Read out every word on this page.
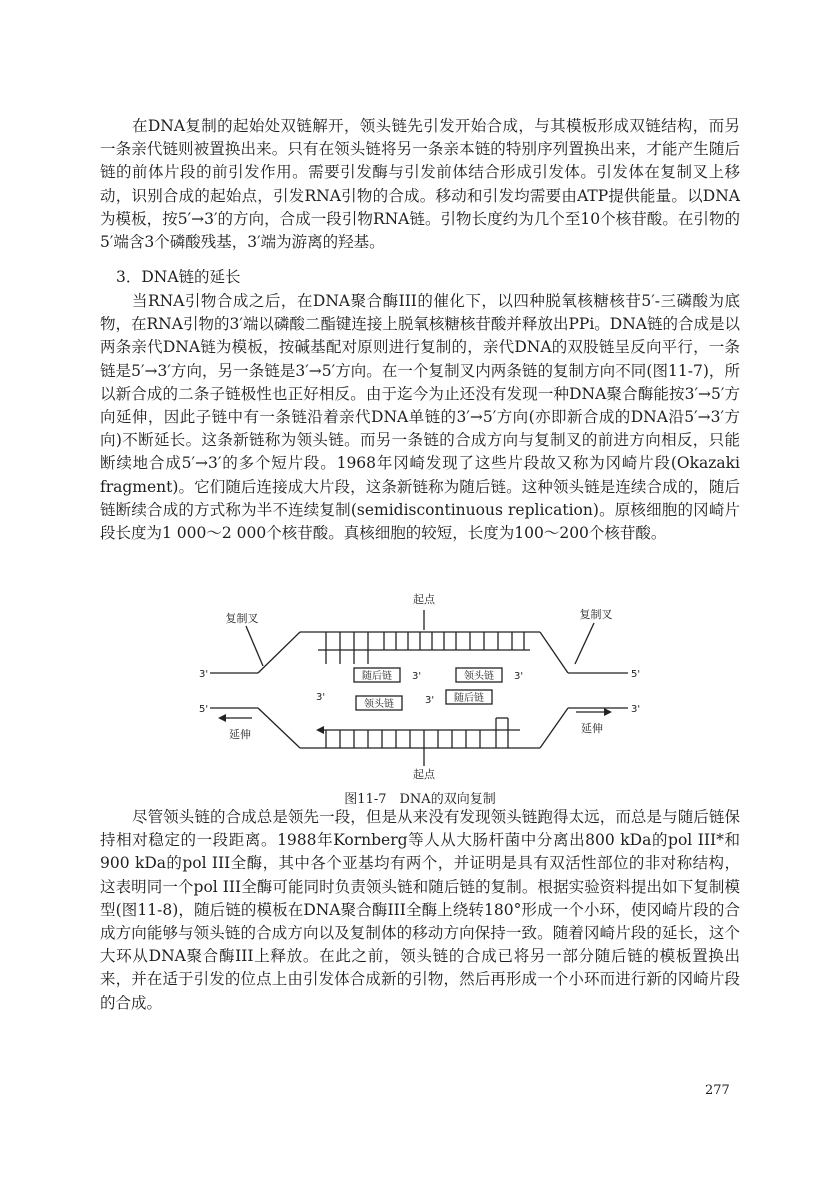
在DNA复制的起始处双链解开，领头链先引发开始合成，与其模板形成双链结构，而另一条亲代链则被置换出来。只有在领头链将另一条亲本链的特别序列置换出来，才能产生随后链的前体片段的前引发作用。需要引发酶与引发前体结合形成引发体。引发体在复制叉上移动，识别合成的起始点，引发RNA引物的合成。移动和引发均需要由ATP提供能量。以DNA为模板，按5′→3′的方向，合成一段引物RNA链。引物长度约为几个至10个核苷酸。在引物的5′端含3个磷酸残基，3′端为游离的羟基。

3．DNA链的延长

当RNA引物合成之后，在DNA聚合酶III的催化下，以四种脱氧核糖核苷5′-三磷酸为底物，在RNA引物的3′端以磷酸二酯键连接上脱氧核糖核苷酸并释放出PPi。DNA链的合成是以两条亲代DNA链为模板，按碱基配对原则进行复制的，亲代DNA的双股链呈反向平行，一条链是5′→3′方向，另一条链是3′→5′方向。在一个复制叉内两条链的复制方向不同(图11-7)，所以新合成的二条子链极性也正好相反。由于迄今为止还没有发现一种DNA聚合酶能按3′→5′方向延伸，因此子链中有一条链沿着亲代DNA单链的3′→5′方向(亦即新合成的DNA沿5′→3′方向)不断延长。这条新链称为领头链。而另一条链的合成方向与复制叉的前进方向相反，只能断续地合成5′→3′的多个短片段。1968年冈崎发现了这些片段故又称为冈崎片段(Okazaki fragment)。它们随后连接成大片段，这条新链称为随后链。这种领头链是连续合成的，随后链断续合成的方式称为半不连续复制(semidiscontinuous replication)。原核细胞的冈崎片段长度为1 000～2 000个核苷酸。真核细胞的较短，长度为100～200个核苷酸。

起点
复制叉	复制叉
3'	5'
5'	3'
随后链	领头链
领头链
随后链
3'	3'
3'	3'
延伸	延伸
起点
图11-7　DNA的双向复制

尽管领头链的合成总是领先一段，但是从来没有发现领头链跑得太远，而总是与随后链保持相对稳定的一段距离。1988年Kornberg等人从大肠杆菌中分离出800 kDa的pol III*和900 kDa的pol III全酶，其中各个亚基均有两个，并证明是具有双活性部位的非对称结构，这表明同一个pol III全酶可能同时负责领头链和随后链的复制。根据实验资料提出如下复制模型(图11-8)，随后链的模板在DNA聚合酶III全酶上绕转180°形成一个小环，使冈崎片段的合成方向能够与领头链的合成方向以及复制体的移动方向保持一致。随着冈崎片段的延长，这个大环从DNA聚合酶III上释放。在此之前，领头链的合成已将另一部分随后链的模板置换出来，并在适于引发的位点上由引发体合成新的引物，然后再形成一个小环而进行新的冈崎片段的合成。

277
